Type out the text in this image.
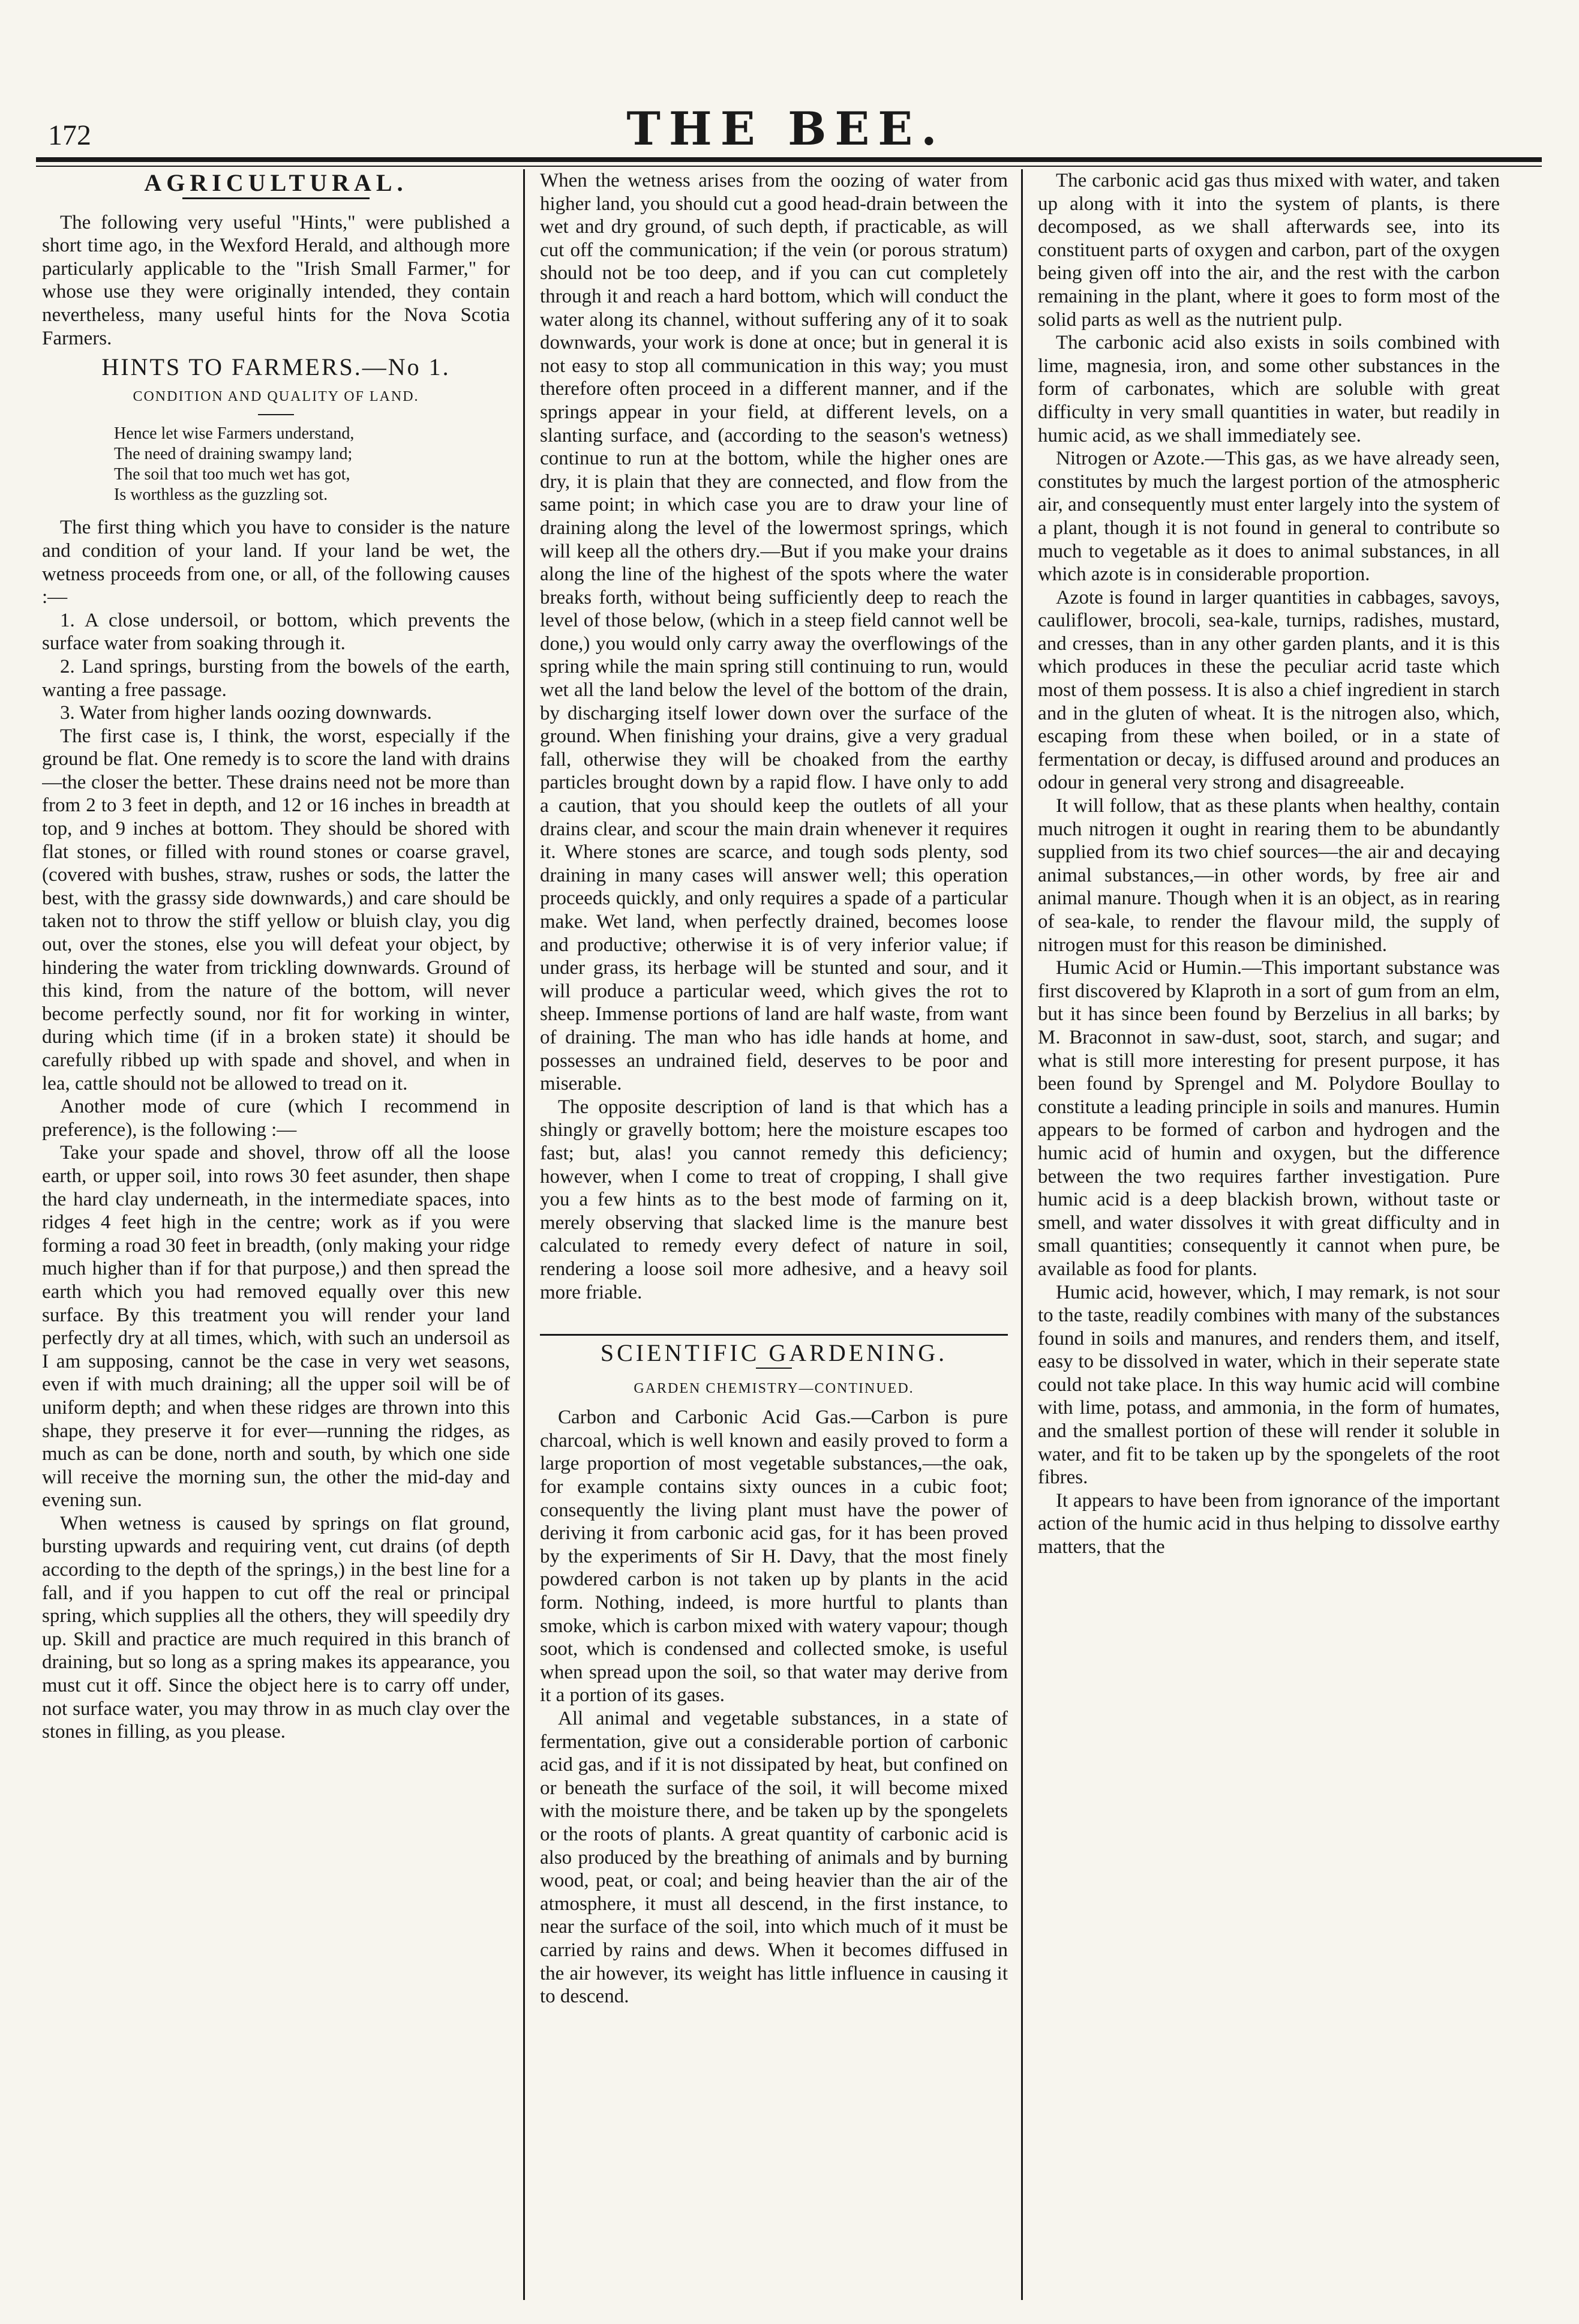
172	THE BEE.
AGRICULTURAL.

The following very useful "Hints," were published a short time ago, in the Wexford Herald, and although more particularly applicable to the "Irish Small Farmer," for whose use they were originally intended, they contain nevertheless, many useful hints for the Nova Scotia Farmers.

HINTS TO FARMERS.—No 1.
CONDITION AND QUALITY OF LAND.
Hence let wise Farmers understand,
The need of draining swampy land;
The soil that too much wet has got,
Is worthless as the guzzling sot.

The first thing which you have to consider is the nature and condition of your land. If your land be wet, the wetness proceeds from one, or all, of the following causes :—

1. A close undersoil, or bottom, which prevents the surface water from soaking through it.

2. Land springs, bursting from the bowels of the earth, wanting a free passage.

3. Water from higher lands oozing downwards.

The first case is, I think, the worst, especially if the ground be flat. One remedy is to score the land with drains—the closer the better. These drains need not be more than from 2 to 3 feet in depth, and 12 or 16 inches in breadth at top, and 9 inches at bottom. They should be shored with flat stones, or filled with round stones or coarse gravel, (covered with bushes, straw, rushes or sods, the latter the best, with the grassy side downwards,) and care should be taken not to throw the stiff yellow or bluish clay, you dig out, over the stones, else you will defeat your object, by hindering the water from trickling downwards. Ground of this kind, from the nature of the bottom, will never become perfectly sound, nor fit for working in winter, during which time (if in a broken state) it should be carefully ribbed up with spade and shovel, and when in lea, cattle should not be allowed to tread on it.

Another mode of cure (which I recommend in preference), is the following :—

Take your spade and shovel, throw off all the loose earth, or upper soil, into rows 30 feet asunder, then shape the hard clay underneath, in the intermediate spaces, into ridges 4 feet high in the centre; work as if you were forming a road 30 feet in breadth, (only making your ridge much higher than if for that purpose,) and then spread the earth which you had removed equally over this new surface. By this treatment you will render your land perfectly dry at all times, which, with such an undersoil as I am supposing, cannot be the case in very wet seasons, even if with much draining; all the upper soil will be of uniform depth; and when these ridges are thrown into this shape, they preserve it for ever—running the ridges, as much as can be done, north and south, by which one side will receive the morning sun, the other the mid-day and evening sun.

When wetness is caused by springs on flat ground, bursting upwards and requiring vent, cut drains (of depth according to the depth of the springs,) in the best line for a fall, and if you happen to cut off the real or principal spring, which supplies all the others, they will speedily dry up. Skill and practice are much required in this branch of draining, but so long as a spring makes its appearance, you must cut it off. Since the object here is to carry off under, not surface water, you may throw in as much clay over the stones in filling, as you please.

When the wetness arises from the oozing of water from higher land, you should cut a good head-drain between the wet and dry ground, of such depth, if practicable, as will cut off the communication; if the vein (or porous stratum) should not be too deep, and if you can cut completely through it and reach a hard bottom, which will conduct the water along its channel, without suffering any of it to soak downwards, your work is done at once; but in general it is not easy to stop all communication in this way; you must therefore often proceed in a different manner, and if the springs appear in your field, at different levels, on a slanting surface, and (according to the season's wetness) continue to run at the bottom, while the higher ones are dry, it is plain that they are connected, and flow from the same point; in which case you are to draw your line of draining along the level of the lowermost springs, which will keep all the others dry.—But if you make your drains along the line of the highest of the spots where the water breaks forth, without being sufficiently deep to reach the level of those below, (which in a steep field cannot well be done,) you would only carry away the overflowings of the spring while the main spring still continuing to run, would wet all the land below the level of the bottom of the drain, by discharging itself lower down over the surface of the ground. When finishing your drains, give a very gradual fall, otherwise they will be choaked from the earthy particles brought down by a rapid flow. I have only to add a caution, that you should keep the outlets of all your drains clear, and scour the main drain whenever it requires it. Where stones are scarce, and tough sods plenty, sod draining in many cases will answer well; this operation proceeds quickly, and only requires a spade of a particular make. Wet land, when perfectly drained, becomes loose and productive; otherwise it is of very inferior value; if under grass, its herbage will be stunted and sour, and it will produce a particular weed, which gives the rot to sheep. Immense portions of land are half waste, from want of draining. The man who has idle hands at home, and possesses an undrained field, deserves to be poor and miserable.

The opposite description of land is that which has a shingly or gravelly bottom; here the moisture escapes too fast; but, alas! you cannot remedy this deficiency; however, when I come to treat of cropping, I shall give you a few hints as to the best mode of farming on it, merely observing that slacked lime is the manure best calculated to remedy every defect of nature in soil, rendering a loose soil more adhesive, and a heavy soil more friable.

SCIENTIFIC GARDENING.
GARDEN CHEMISTRY—CONTINUED.

Carbon and Carbonic Acid Gas.—Carbon is pure charcoal, which is well known and easily proved to form a large proportion of most vegetable substances,—the oak, for example contains sixty ounces in a cubic foot; consequently the living plant must have the power of deriving it from carbonic acid gas, for it has been proved by the experiments of Sir H. Davy, that the most finely powdered carbon is not taken up by plants in the acid form. Nothing, indeed, is more hurtful to plants than smoke, which is carbon mixed with watery vapour; though soot, which is condensed and collected smoke, is useful when spread upon the soil, so that water may derive from it a portion of its gases.

All animal and vegetable substances, in a state of fermentation, give out a considerable portion of carbonic acid gas, and if it is not dissipated by heat, but confined on or beneath the surface of the soil, it will become mixed with the moisture there, and be taken up by the spongelets or the roots of plants. A great quantity of carbonic acid is also produced by the breathing of animals and by burning wood, peat, or coal; and being heavier than the air of the atmosphere, it must all descend, in the first instance, to near the surface of the soil, into which much of it must be carried by rains and dews. When it becomes diffused in the air however, its weight has little influence in causing it to descend.

The carbonic acid gas thus mixed with water, and taken up along with it into the system of plants, is there decomposed, as we shall afterwards see, into its constituent parts of oxygen and carbon, part of the oxygen being given off into the air, and the rest with the carbon remaining in the plant, where it goes to form most of the solid parts as well as the nutrient pulp.

The carbonic acid also exists in soils combined with lime, magnesia, iron, and some other substances in the form of carbonates, which are soluble with great difficulty in very small quantities in water, but readily in humic acid, as we shall immediately see.

Nitrogen or Azote.—This gas, as we have already seen, constitutes by much the largest portion of the atmospheric air, and consequently must enter largely into the system of a plant, though it is not found in general to contribute so much to vegetable as it does to animal substances, in all which azote is in considerable proportion.

Azote is found in larger quantities in cabbages, savoys, cauliflower, brocoli, sea-kale, turnips, radishes, mustard, and cresses, than in any other garden plants, and it is this which produces in these the peculiar acrid taste which most of them possess. It is also a chief ingredient in starch and in the gluten of wheat. It is the nitrogen also, which, escaping from these when boiled, or in a state of fermentation or decay, is diffused around and produces an odour in general very strong and disagreeable.

It will follow, that as these plants when healthy, contain much nitrogen it ought in rearing them to be abundantly supplied from its two chief sources—the air and decaying animal substances,—in other words, by free air and animal manure. Though when it is an object, as in rearing of sea-kale, to render the flavour mild, the supply of nitrogen must for this reason be diminished.

Humic Acid or Humin.—This important substance was first discovered by Klaproth in a sort of gum from an elm, but it has since been found by Berzelius in all barks; by M. Braconnot in saw-dust, soot, starch, and sugar; and what is still more interesting for present purpose, it has been found by Sprengel and M. Polydore Boullay to constitute a leading principle in soils and manures. Humin appears to be formed of carbon and hydrogen and the humic acid of humin and oxygen, but the difference between the two requires farther investigation. Pure humic acid is a deep blackish brown, without taste or smell, and water dissolves it with great difficulty and in small quantities; consequently it cannot when pure, be available as food for plants.

Humic acid, however, which, I may remark, is not sour to the taste, readily combines with many of the substances found in soils and manures, and renders them, and itself, easy to be dissolved in water, which in their seperate state could not take place. In this way humic acid will combine with lime, potass, and ammonia, in the form of humates, and the smallest portion of these will render it soluble in water, and fit to be taken up by the spongelets of the root fibres.

It appears to have been from ignorance of the important action of the humic acid in thus helping to dissolve earthy matters, that the
